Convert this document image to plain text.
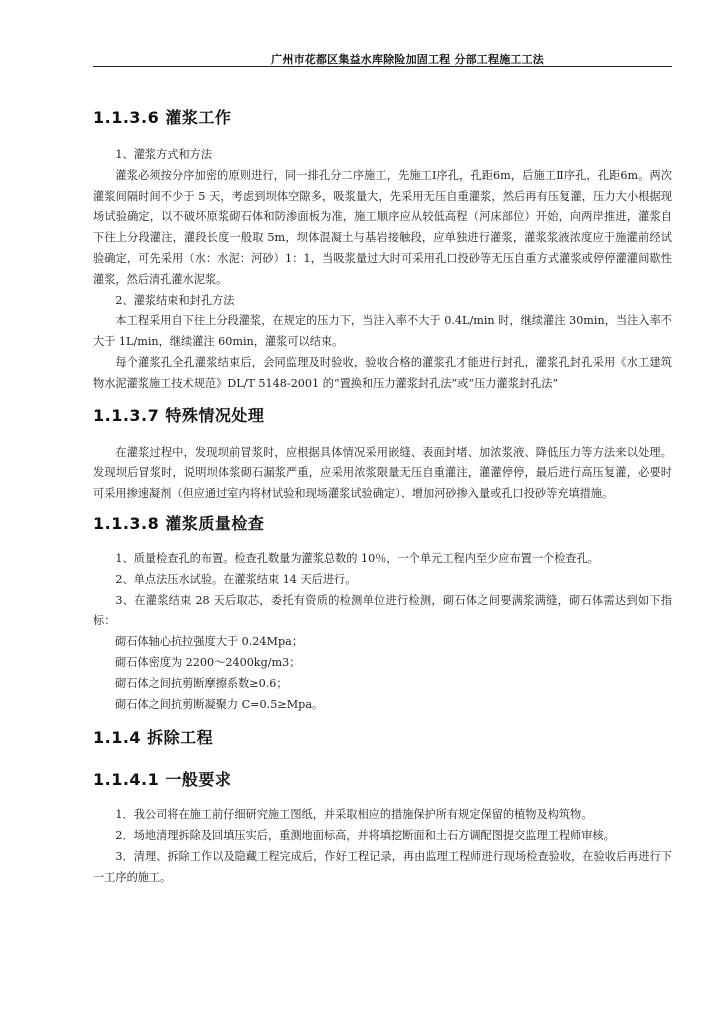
广州市花都区集益水库除险加固工程 分部工程施工工法
1.1.3.6 灌浆工作

1、灌浆方式和方法

灌浆必须按分序加密的原则进行，同一排孔分二序施工，先施工Ⅰ序孔，孔距6m，后施工Ⅱ序孔，孔距6m。两次灌浆间隔时间不少于 5 天，考虑到坝体空隙多，吸浆量大，先采用无压自重灌浆，然后再有压复灌，压力大小根据现场试验确定，以不破坏原浆砌石体和防渗面板为准，施工顺序应从较低高程（河床部位）开始，向两岸推进，灌浆自下往上分段灌注，灌段长度一般取 5m，坝体混凝土与基岩接触段，应单独进行灌浆，灌浆浆液浓度应于施灌前经试验确定，可先采用（水：水泥：河砂）1：1，当吸浆量过大时可采用孔口投砂等无压自重方式灌浆或停停灌灌间歇性灌浆，然后清孔灌水泥浆。

2、灌浆结束和封孔方法

本工程采用自下往上分段灌浆，在规定的压力下，当注入率不大于 0.4L/min 时，继续灌注 30min，当注入率不大于 1L/min，继续灌注 60min，灌浆可以结束。

每个灌浆孔全孔灌浆结束后，会同监理及时验收，验收合格的灌浆孔才能进行封孔，灌浆孔封孔采用《水工建筑物水泥灌浆施工技术规范》DL/T 5148-2001 的“置换和压力灌浆封孔法”或“压力灌浆封孔法”

1.1.3.7 特殊情况处理

在灌浆过程中，发现坝前冒浆时，应根据具体情况采用嵌缝、表面封堵、加浓浆液、降低压力等方法来以处理。发现坝后冒浆时，说明坝体浆砌石漏浆严重，应采用浓浆限量无压自重灌注，灌灌停停，最后进行高压复灌，必要时可采用掺速凝剂（但应通过室内将材试验和现场灌浆试验确定）、增加河砂掺入量或孔口投砂等充填措施。

1.1.3.8 灌浆质量检查

1、质量检查孔的布置。检查孔数量为灌浆总数的 10％，一个单元工程内至少应布置一个检查孔。

2、单点法压水试验。在灌浆结束 14 天后进行。

3、在灌浆结束 28 天后取芯，委托有资质的检测单位进行检测，砌石体之间要满浆满缝，砌石体需达到如下指标：

砌石体轴心抗拉强度大于 0.24Mpa；

砌石体密度为 2200～2400kg/m3；

砌石体之间抗剪断摩擦系数≥0.6；

砌石体之间抗剪断凝聚力 C=0.5≥Mpa。

1.1.4 拆除工程
1.1.4.1 一般要求

1．我公司将在施工前仔细研究施工图纸，并采取相应的措施保护所有规定保留的植物及构筑物。

2．场地清理拆除及回填压实后，重测地面标高，并将填挖断面和土石方调配图提交监理工程师审核。

3．清理、拆除工作以及隐藏工程完成后，作好工程记录，再由监理工程师进行现场检查验收，在验收后再进行下一工序的施工。
